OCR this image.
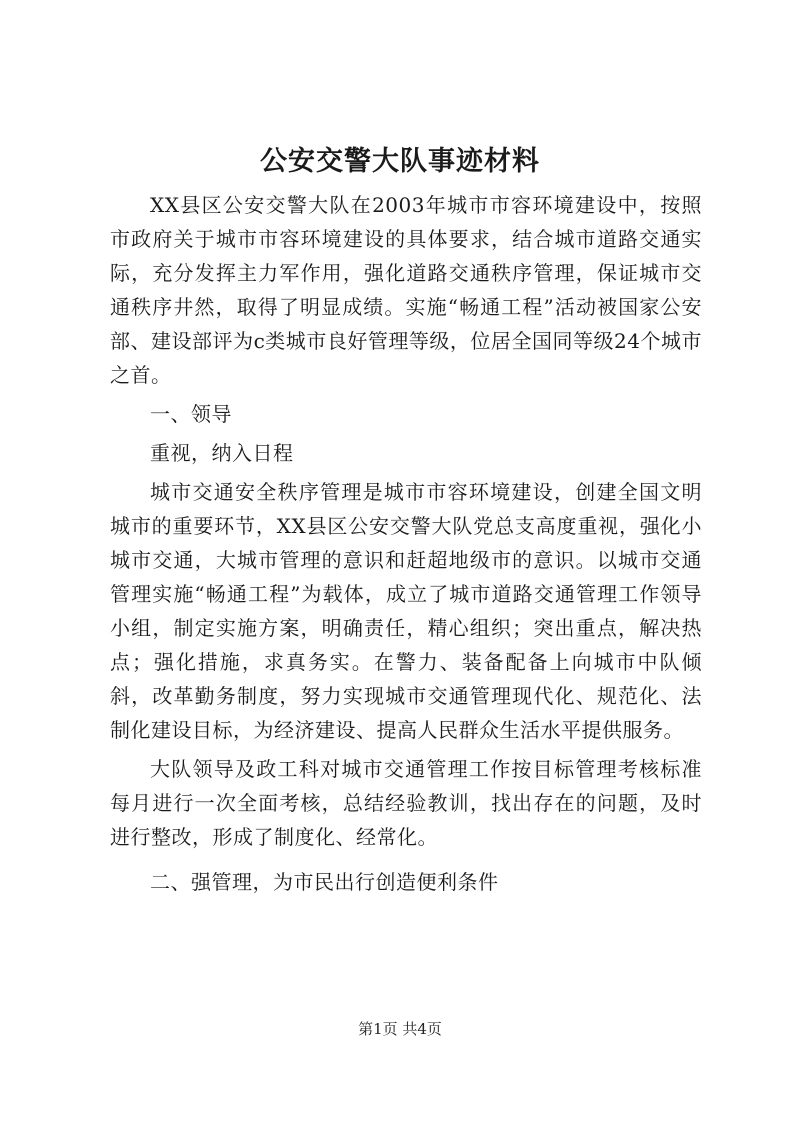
公安交警大队事迹材料

XX县区公安交警大队在2003年城市市容环境建设中，按照市政府关于城市市容环境建设的具体要求，结合城市道路交通实际，充分发挥主力军作用，强化道路交通秩序管理，保证城市交通秩序井然，取得了明显成绩。实施“畅通工程”活动被国家公安部、建设部评为c类城市良好管理等级，位居全国同等级24个城市之首。

一、领导

重视，纳入日程

城市交通安全秩序管理是城市市容环境建设，创建全国文明城市的重要环节，XX县区公安交警大队党总支高度重视，强化小城市交通，大城市管理的意识和赶超地级市的意识。以城市交通管理实施“畅通工程”为载体，成立了城市道路交通管理工作领导小组，制定实施方案，明确责任，精心组织；突出重点，解决热点；强化措施，求真务实。在警力、装备配备上向城市中队倾斜，改革勤务制度，努力实现城市交通管理现代化、规范化、法制化建设目标，为经济建设、提高人民群众生活水平提供服务。

大队领导及政工科对城市交通管理工作按目标管理考核标准每月进行一次全面考核，总结经验教训，找出存在的问题，及时进行整改，形成了制度化、经常化。

二、强管理，为市民出行创造便利条件

第1页 共4页
